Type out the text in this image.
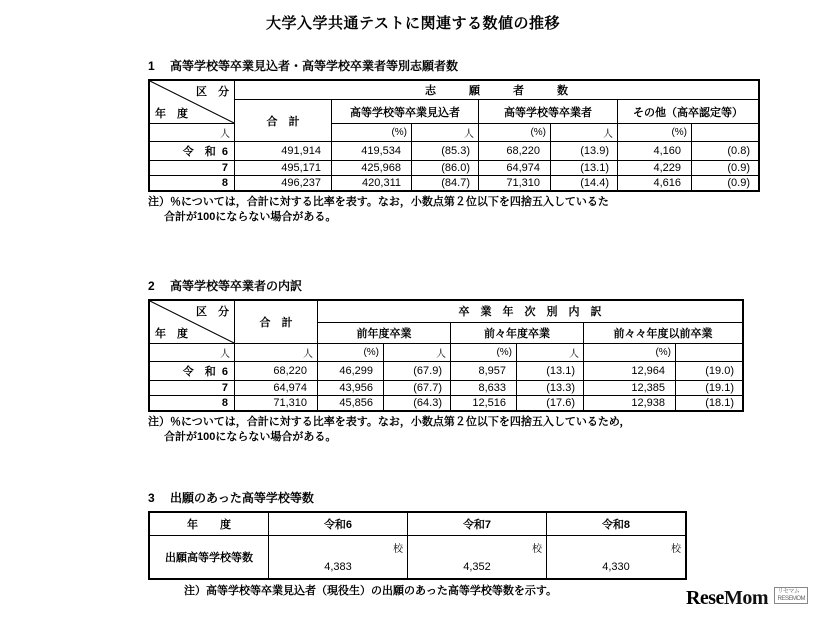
大学入学共通テストに関連する数値の推移
1	高等学校等卒業見込者・高等学校卒業者等別志願者数
区　分
年　度	志　　　願　　　者　　　数						
	合　計	高等学校等卒業見込者		高等学校等卒業者		その他（高卒認定等）	
人		(%)	人	(%)	人	(%)	
令　和 6	491,914	419,534	(85.3)	68,220	(13.9)	4,160	(0.8)
7	495,171	425,968	(86.0)	64,974	(13.1)	4,229	(0.9)
8	496,237	420,311	(84.7)	71,310	(14.4)	4,616	(0.9)
注）％については，合計に対する比率を表す。なお，小数点第２位以下を四捨五入しているた
合計が100にならない場合がある。
2	高等学校等卒業者の内訳
区　分
年　度	合　計	卒　業　年　次　別　内　訳					
		前年度卒業		前々年度卒業		前々々年度以前卒業	
人	人	(%)	人	(%)	人	(%)	
令　和 6	68,220	46,299	(67.9)	8,957	(13.1)	12,964	(19.0)
7	64,974	43,956	(67.7)	8,633	(13.3)	12,385	(19.1)
8	71,310	45,856	(64.3)	12,516	(17.6)	12,938	(18.1)
注）％については，合計に対する比率を表す。なお，小数点第２位以下を四捨五入しているため，
合計が100にならない場合がある。
3	出願のあった高等学校等数
年　　度	令和6	令和7	令和8
出願高等学校等数	校	校	校
	4,383	4,352	4,330
注）高等学校等卒業見込者（現役生）の出願のあった高等学校等数を示す。	ReseMom リセマム
RESEMOM
